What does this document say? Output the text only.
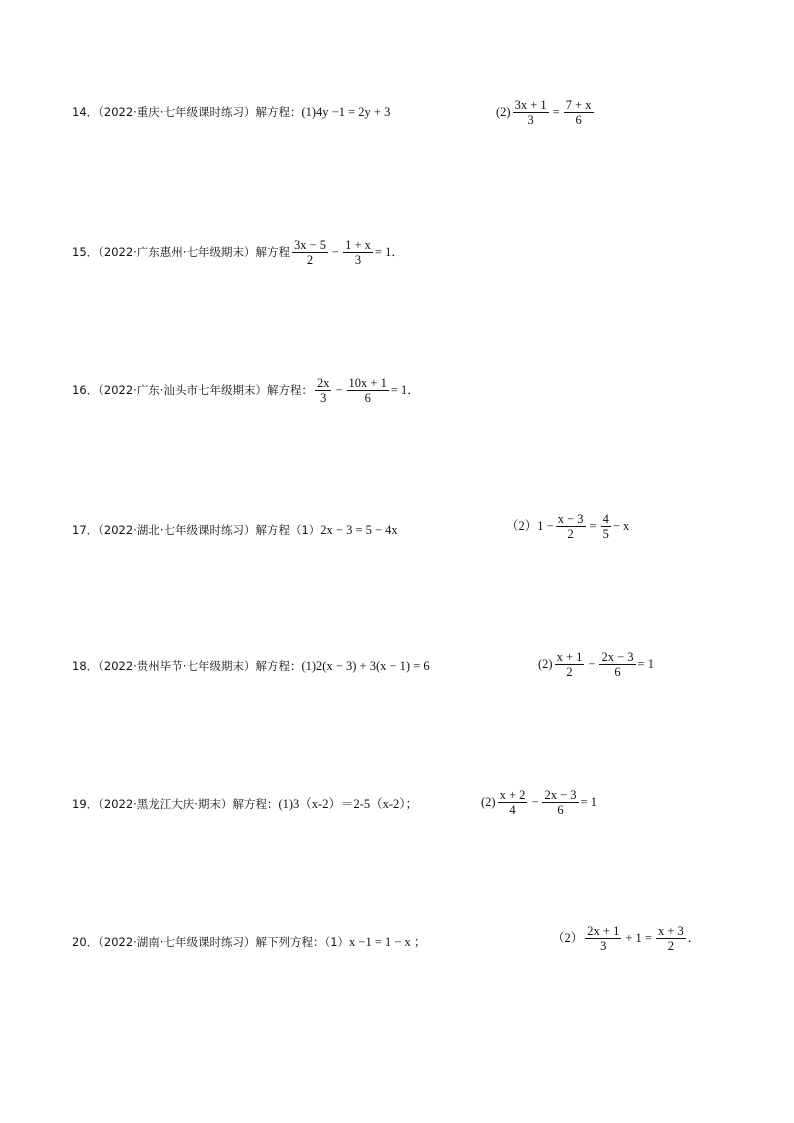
14．（2022·重庆·七年级课时练习）解方程：(1)4y −1 = 2y + 3	$(2) \frac{3x + 1}{3} = \frac{7 + x}{6}$
15．（2022·广东惠州·七年级期末）解方程 $\frac{3x - 5}{2} - \frac{1 + x}{3} = 1$．
16．（2022·广东·汕头市七年级期末）解方程： $\frac{2x}{3} - \frac{10x + 1}{6} = 1$．
17．（2022·湖北·七年级课时练习）解方程（1）2x − 3 = 5 − 4x	$(2)1 - \frac{x - 3}{2} = \frac{4}{5} - x$
18．（2022·贵州毕节·七年级期末）解方程：(1)2(x − 3) + 3(x − 1) = 6	$(2) \frac{x + 1}{2} - \frac{2x - 3}{6} = 1$
19．（2022·黑龙江大庆·期末）解方程：(1)3（x-2）＝2-5（x-2）；	$(2) \frac{x + 2}{4} - \frac{2x - 3}{6} = 1$
20．（2022·湖南·七年级课时练习）解下列方程：（1）x −1 = 1 − x ；	$(2) \frac{2x + 1}{3} + 1 = \frac{x + 3}{2}$ ．
